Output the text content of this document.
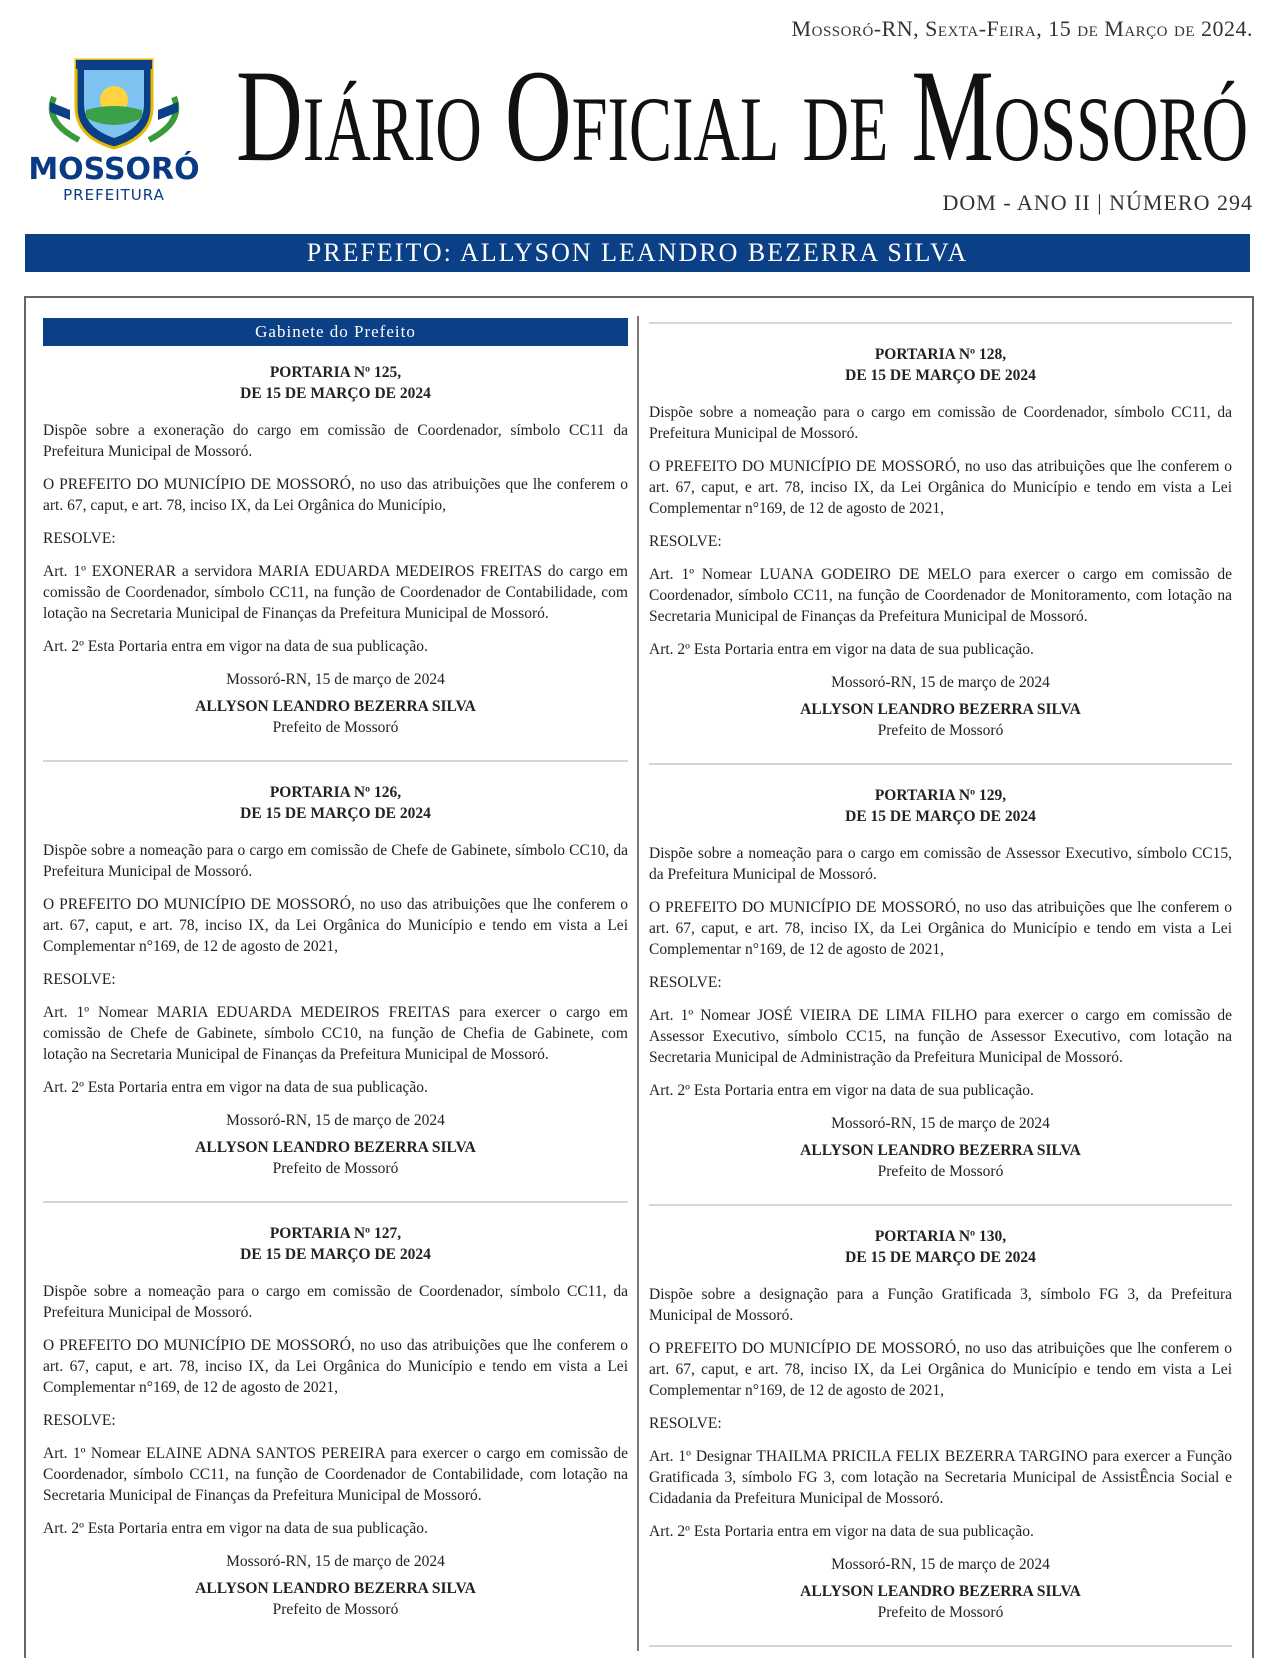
Mossoró-RN, Sexta-Feira, 15 de Março de 2024.
MOSSORÓ
PREFEITURA
Diário Oficial de Mossoró
DOM - ANO II | NÚMERO 294
PREFEITO: ALLYSON LEANDRO BEZERRA SILVA
Gabinete do Prefeito
PORTARIA Nº 125,
DE 15 DE MARÇO DE 2024

Dispõe sobre a exoneração do cargo em comissão de Coordenador, símbolo CC11 da Prefeitura Municipal de Mossoró.

O PREFEITO DO MUNICÍPIO DE MOSSORÓ, no uso das atribuições que lhe conferem o art. 67, caput, e art. 78, inciso IX, da Lei Orgânica do Município,

RESOLVE:

Art. 1º EXONERAR a servidora MARIA EDUARDA MEDEIROS FREITAS do cargo em comissão de Coordenador, símbolo CC11, na função de Coordenador de Contabilidade, com lotação na Secretaria Municipal de Finanças da Prefeitura Municipal de Mossoró.

Art. 2º Esta Portaria entra em vigor na data de sua publicação.

Mossoró-RN, 15 de março de 2024

ALLYSON LEANDRO BEZERRA SILVA

Prefeito de Mossoró

PORTARIA Nº 126,
DE 15 DE MARÇO DE 2024

Dispõe sobre a nomeação para o cargo em comissão de Chefe de Gabinete, símbolo CC10, da Prefeitura Municipal de Mossoró.

O PREFEITO DO MUNICÍPIO DE MOSSORÓ, no uso das atribuições que lhe conferem o art. 67, caput, e art. 78, inciso IX, da Lei Orgânica do Município e tendo em vista a Lei Complementar n°169, de 12 de agosto de 2021,

RESOLVE:

Art. 1º Nomear MARIA EDUARDA MEDEIROS FREITAS para exercer o cargo em comissão de Chefe de Gabinete, símbolo CC10, na função de Chefia de Gabinete, com lotação na Secretaria Municipal de Finanças da Prefeitura Municipal de Mossoró.

Art. 2º Esta Portaria entra em vigor na data de sua publicação.

Mossoró-RN, 15 de março de 2024

ALLYSON LEANDRO BEZERRA SILVA

Prefeito de Mossoró

PORTARIA Nº 127,
DE 15 DE MARÇO DE 2024

Dispõe sobre a nomeação para o cargo em comissão de Coordenador, símbolo CC11, da Prefeitura Municipal de Mossoró.

O PREFEITO DO MUNICÍPIO DE MOSSORÓ, no uso das atribuições que lhe conferem o art. 67, caput, e art. 78, inciso IX, da Lei Orgânica do Município e tendo em vista a Lei Complementar n°169, de 12 de agosto de 2021,

RESOLVE:

Art. 1º Nomear ELAINE ADNA SANTOS PEREIRA para exercer o cargo em comissão de Coordenador, símbolo CC11, na função de Coordenador de Contabilidade, com lotação na Secretaria Municipal de Finanças da Prefeitura Municipal de Mossoró.

Art. 2º Esta Portaria entra em vigor na data de sua publicação.

Mossoró-RN, 15 de março de 2024

ALLYSON LEANDRO BEZERRA SILVA

Prefeito de Mossoró

PORTARIA Nº 128,
DE 15 DE MARÇO DE 2024

Dispõe sobre a nomeação para o cargo em comissão de Coordenador, símbolo CC11, da Prefeitura Municipal de Mossoró.

O PREFEITO DO MUNICÍPIO DE MOSSORÓ, no uso das atribuições que lhe conferem o art. 67, caput, e art. 78, inciso IX, da Lei Orgânica do Município e tendo em vista a Lei Complementar n°169, de 12 de agosto de 2021,

RESOLVE:

Art. 1º Nomear LUANA GODEIRO DE MELO para exercer o cargo em comissão de Coordenador, símbolo CC11, na função de Coordenador de Monitoramento, com lotação na Secretaria Municipal de Finanças da Prefeitura Municipal de Mossoró.

Art. 2º Esta Portaria entra em vigor na data de sua publicação.

Mossoró-RN, 15 de março de 2024

ALLYSON LEANDRO BEZERRA SILVA

Prefeito de Mossoró

PORTARIA Nº 129,
DE 15 DE MARÇO DE 2024

Dispõe sobre a nomeação para o cargo em comissão de Assessor Executivo, símbolo CC15, da Prefeitura Municipal de Mossoró.

O PREFEITO DO MUNICÍPIO DE MOSSORÓ, no uso das atribuições que lhe conferem o art. 67, caput, e art. 78, inciso IX, da Lei Orgânica do Município e tendo em vista a Lei Complementar n°169, de 12 de agosto de 2021,

RESOLVE:

Art. 1º Nomear JOSÉ VIEIRA DE LIMA FILHO para exercer o cargo em comissão de Assessor Executivo, símbolo CC15, na função de Assessor Executivo, com lotação na Secretaria Municipal de Administração da Prefeitura Municipal de Mossoró.

Art. 2º Esta Portaria entra em vigor na data de sua publicação.

Mossoró-RN, 15 de março de 2024

ALLYSON LEANDRO BEZERRA SILVA

Prefeito de Mossoró

PORTARIA Nº 130,
DE 15 DE MARÇO DE 2024

Dispõe sobre a designação para a Função Gratificada 3, símbolo FG 3, da Prefeitura Municipal de Mossoró.

O PREFEITO DO MUNICÍPIO DE MOSSORÓ, no uso das atribuições que lhe conferem o art. 67, caput, e art. 78, inciso IX, da Lei Orgânica do Município e tendo em vista a Lei Complementar n°169, de 12 de agosto de 2021,

RESOLVE:

Art. 1º Designar THAILMA PRICILA FELIX BEZERRA TARGINO para exercer a Função Gratificada 3, símbolo FG 3, com lotação na Secretaria Municipal de AssistÊncia Social e Cidadania da Prefeitura Municipal de Mossoró.

Art. 2º Esta Portaria entra em vigor na data de sua publicação.

Mossoró-RN, 15 de março de 2024

ALLYSON LEANDRO BEZERRA SILVA

Prefeito de Mossoró
